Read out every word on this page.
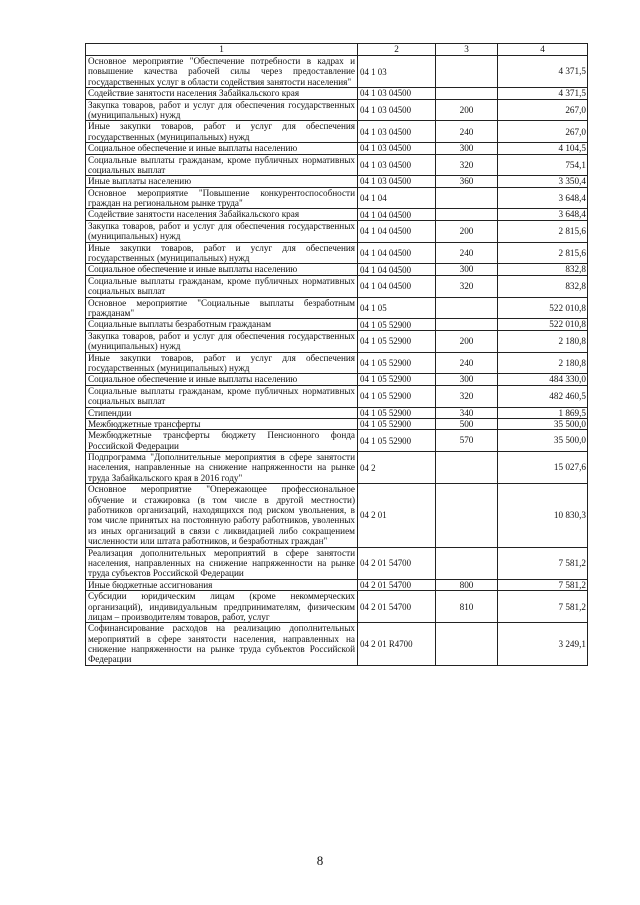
1	2	3	4
Основное мероприятие "Обеспечение потребности в кадрах и повышение качества рабочей силы через предоставление государственных услуг в области содействия занятости населения"	04 1 03		4 371,5
Содействие занятости населения Забайкальского края	04 1 03 04500		4 371,5
Закупка товаров, работ и услуг для обеспечения государственных (муниципальных) нужд	04 1 03 04500	200	267,0
Иные закупки товаров, работ и услуг для обеспечения государственных (муниципальных) нужд	04 1 03 04500	240	267,0
Социальное обеспечение и иные выплаты населению	04 1 03 04500	300	4 104,5
Социальные выплаты гражданам, кроме публичных нормативных социальных выплат	04 1 03 04500	320	754,1
Иные выплаты населению	04 1 03 04500	360	3 350,4
Основное мероприятие "Повышение конкурентоспособности граждан на региональном рынке труда"	04 1 04		3 648,4
Содействие занятости населения Забайкальского края	04 1 04 04500		3 648,4
Закупка товаров, работ и услуг для обеспечения государственных (муниципальных) нужд	04 1 04 04500	200	2 815,6
Иные закупки товаров, работ и услуг для обеспечения государственных (муниципальных) нужд	04 1 04 04500	240	2 815,6
Социальное обеспечение и иные выплаты населению	04 1 04 04500	300	832,8
Социальные выплаты гражданам, кроме публичных нормативных социальных выплат	04 1 04 04500	320	832,8
Основное мероприятие "Социальные выплаты безработным гражданам"	04 1 05		522 010,8
Социальные выплаты безработным гражданам	04 1 05 52900		522 010,8
Закупка товаров, работ и услуг для обеспечения государственных (муниципальных) нужд	04 1 05 52900	200	2 180,8
Иные закупки товаров, работ и услуг для обеспечения государственных (муниципальных) нужд	04 1 05 52900	240	2 180,8
Социальное обеспечение и иные выплаты населению	04 1 05 52900	300	484 330,0
Социальные выплаты гражданам, кроме публичных нормативных социальных выплат	04 1 05 52900	320	482 460,5
Стипендии	04 1 05 52900	340	1 869,5
Межбюджетные трансферты	04 1 05 52900	500	35 500,0
Межбюджетные трансферты бюджету Пенсионного фонда Российской Федерации	04 1 05 52900	570	35 500,0
Подпрограмма "Дополнительные мероприятия в сфере занятости населения, направленные на снижение напряженности на рынке труда Забайкальского края в 2016 году"	04 2		15 027,6
Основное мероприятие "Опережающее профессиональное обучение и стажировка (в том числе в другой местности) работников организаций, находящихся под риском увольнения, в том числе принятых на постоянную работу работников, уволенных из иных организаций в связи с ликвидацией либо сокращением численности или штата работников, и безработных граждан"	04 2 01		10 830,3
Реализация дополнительных мероприятий в сфере занятости населения, направленных на снижение напряженности на рынке труда субъектов Российской Федерации	04 2 01 54700		7 581,2
Иные бюджетные ассигнования	04 2 01 54700	800	7 581,2
Субсидии юридическим лицам (кроме некоммерческих организаций), индивидуальным предпринимателям, физическим лицам – производителям товаров, работ, услуг	04 2 01 54700	810	7 581,2
Софинансирование расходов на реализацию дополнительных мероприятий в сфере занятости населения, направленных на снижение напряженности на рынке труда субъектов Российской Федерации	04 2 01 R4700		3 249,1
8
